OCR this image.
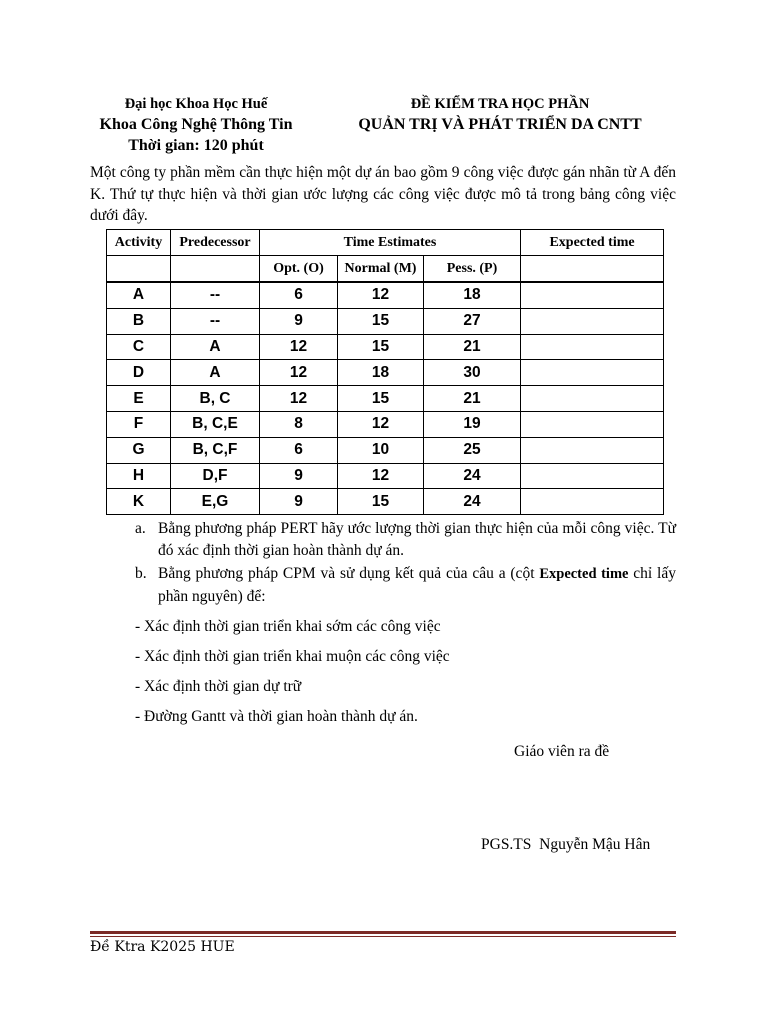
Đại học Khoa Học Huế
Khoa Công Nghệ Thông Tin
Thời gian: 120 phút
ĐỀ KIỂM TRA HỌC PHẦN
QUẢN TRỊ VÀ PHÁT TRIỂN DA CNTT
Một công ty phần mềm cần thực hiện một dự án bao gồm 9 công việc được gán nhãn từ A đến K. Thứ tự thực hiện và thời gian ước lượng các công việc được mô tả trong bảng công việc dưới đây.
Activity	Predecessor	Time Estimates			Expected time
		Opt. (O)	Normal (M)	Pess. (P)	
A	--	6	12	18	
B	--	9	15	27	
C	A	12	15	21	
D	A	12	18	30	
E	B, C	12	15	21	
F	B, C,E	8	12	19	
G	B, C,F	6	10	25	
H	D,F	9	12	24	
K	E,G	9	15	24	
a. Bằng phương pháp PERT hãy ước lượng thời gian thực hiện của mỗi công việc. Từ đó xác định thời gian hoàn thành dự án.
b. Bằng phương pháp CPM và sử dụng kết quả của câu a (cột Expected time chỉ lấy phần nguyên) để:
- Xác định thời gian triển khai sớm các công việc
- Xác định thời gian triển khai muộn các công việc
- Xác định thời gian dự trữ
- Đường Gantt và thời gian hoàn thành dự án.
Giáo viên ra đề
PGS.TS  Nguyễn Mậu Hân
Đề Ktra K2025 HUE
